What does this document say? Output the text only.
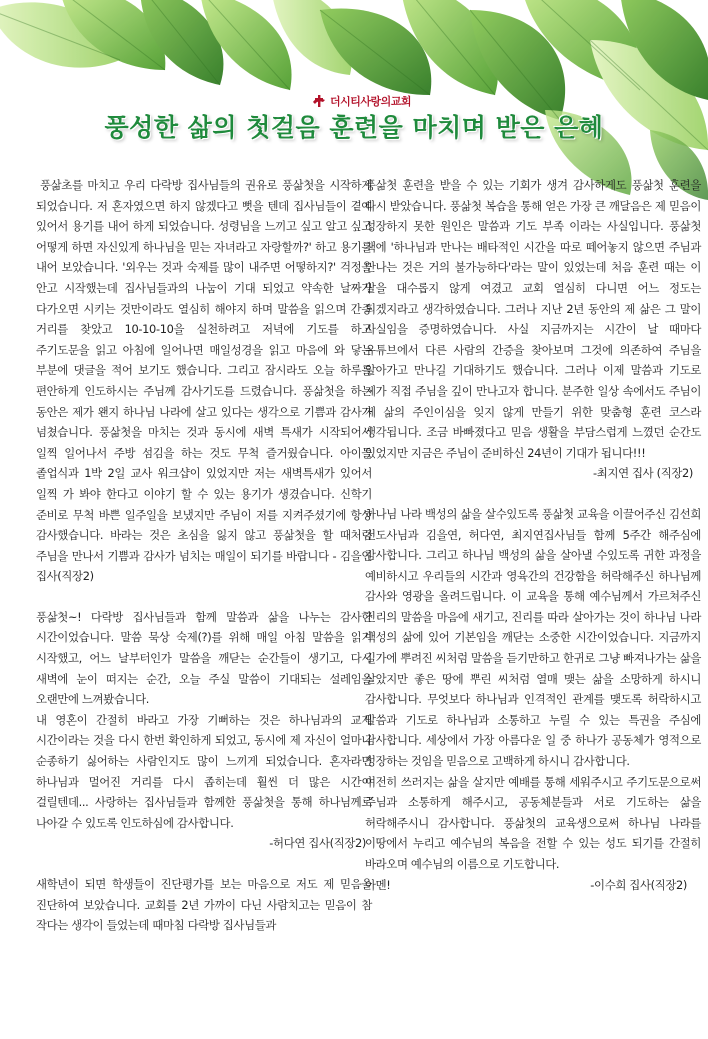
더시티사랑의교회
풍성한 삶의 첫걸음 훈련을 마치며 받은 은혜

풍삶초를 마치고 우리 다락방 집사님들의 권유로 풍삶첫을 시작하게 되었습니다. 저 혼자였으면 하지 않겠다고 뻣을 텐데 집사님들이 곁에 있어서 용기를 내어 하게 되었습니다. 성령님을 느끼고 싶고 알고 싶고 어떻게 하면 자신있게 하나님을 믿는 자녀라고 자랑할까?' 하고 용기를 내어 보았습니다. '외우는 것과 숙제를 많이 내주면 어떻하지?' 걱정을 안고 시작했는데 집사님들과의 나눔이 기대 되었고 약속한 날짜가 다가오면 시키는 것만이라도 열심히 해야지 하며 말씀을 읽으며 간증 거리를 찾았고 10-10-10을 실천하려고 저녁에 기도를 하고 주기도문을 읽고 아침에 일어나면 매일성경을 읽고 마음에 와 닿는 부분에 댓글을 적어 보기도 했습니다. 그리고 잠시라도 오늘 하루를 편안하게 인도하시는 주님께 감사기도를 드렸습니다. 풍삶첫을 하는 동안은 제가 왠지 하나님 나라에 살고 있다는 생각으로 기쁨과 감사가 넘쳤습니다. 풍삶첫을 마치는 것과 동시에 새벽 특새가 시작되어서 일찍 일어나서 주방 섬김을 하는 것도 무척 즐거웠습니다. 아이들 졸업식과 1박 2일 교사 워크샵이 있었지만 저는 새벽특새가 있어서 일찍 가 봐야 한다고 이야기 할 수 있는 용기가 생겼습니다. 신학기 준비로 무척 바쁜 일주일을 보냈지만 주님이 저를 지켜주셨기에 항상 감사했습니다. 바라는 것은 초심을 잃지 않고 풍삶첫을 할 때처럼 주님을 만나서 기쁨과 감사가 넘치는 매일이 되기를 바랍니다 - 김을연 집사(직장2)

풍삶첫~! 다락방 집사님들과 함께 말씀과 삶을 나누는 감사한 시간이었습니다. 말씀 묵상 숙제(?)를 위해 매일 아침 말씀을 읽기 시작했고, 어느 날부터인가 말씀을 깨닫는 순간들이 생기고, 다시 새벽에 눈이 떠지는 순간, 오늘 주실 말씀이 기대되는 설레임을 오랜만에 느껴봤습니다.

내 영혼이 간절히 바라고 가장 기뻐하는 것은 하나님과의 교제 시간이라는 것을 다시 한번 확인하게 되었고, 동시에 제 자신이 얼마나 순종하기 싫어하는 사람인지도 많이 느끼게 되었습니다. 혼자라면 하나님과 멀어진 거리를 다시 좁히는데 훨씬 더 많은 시간이 걸릴텐데... 사랑하는 집사님들과 함께한 풍삶첫을 통해 하나님께로 나아갈 수 있도록 인도하심에 감사합니다.

-허다연 집사(직장2)

새학년이 되면 학생들이 진단평가를 보는 마음으로 저도 제 믿음을 진단하여 보았습니다. 교회를 2년 가까이 다닌 사람치고는 믿음이 참 작다는 생각이 들었는데 때마침 다락방 집사님들과

풍삶첫 훈련을 받을 수 있는 기회가 생겨 감사하게도 풍삶첫 훈련을 다시 받았습니다. 풍삶첫 복습을 통해 얻은 가장 큰 깨달음은 제 믿음이 성장하지 못한 원인은 말씀과 기도 부족 이라는 사실입니다. 풍삶첫 책에 '하나님과 만나는 배타적인 시간을 따로 떼어놓지 않으면 주님과 만나는 것은 거의 불가능하다'라는 말이 있었는데 처음 훈련 때는 이 말을 대수롭지 않게 여겼고 교회 열심히 다니면 어느 정도는 되겠지라고 생각하였습니다. 그러나 지난 2년 동안의 제 삶은 그 말이 사실임을 증명하였습니다. 사실 지금까지는 시간이 날 때마다 유튜브에서 다른 사람의 간증을 찾아보며 그것에 의존하여 주님을 알아가고 만나길 기대하기도 했습니다. 그러나 이제 말씀과 기도로 제가 직접 주님을 깊이 만나고자 합니다. 분주한 일상 속에서도 주님이 제 삶의 주인이심을 잊지 않게 만들기 위한 맞춤형 훈련 코스라 생각됩니다. 조금 바빠졌다고 믿음 생활을 부담스럽게 느꼈던 순간도 있었지만 지금은 주님이 준비하신 24년이 기대가 됩니다!!!

-최지연 집사 (직장2)

하나님 나라 백성의 삶을 살수있도록 풍삶첫 교육을 이끌어주신 김선희 전도사님과 김을연, 허다연, 최지연집사님들 함께 5주간 해주심에 감사합니다. 그리고 하나님 백성의 삶을 살아낼 수있도록 귀한 과정을 예비하시고 우리들의 시간과 영육간의 건강함을 허락해주신 하나님께 감사와 영광을 올려드립니다. 이 교육을 통해 예수님께서 가르쳐주신 진리의 말씀을 마음에 새기고, 진리를 따라 살아가는 것이 하나님 나라 백성의 삶에 있어 기본임을 깨닫는 소중한 시간이었습니다. 지금까지 길가에 뿌려진 씨처럼 말씀을 듣기만하고 한귀로 그냥 빠져나가는 삶을 살았지만 좋은 땅에 뿌린 씨처럼 열매 맺는 삶을 소망하게 하시니 감사합니다. 무엇보다 하나님과 인격적인 관계를 맺도록 허락하시고 말씀과 기도로 하나님과 소통하고 누릴 수 있는 특권을 주심에 감사합니다. 세상에서 가장 아름다운 일 중 하나가 공동체가 영적으로 성장하는 것임을 믿음으로 고백하게 하시니 감사합니다.

여전히 쓰러지는 삶을 살지만 예배를 통해 세워주시고 주기도문으로써 주님과 소통하게 해주시고, 공동체분들과 서로 기도하는 삶을 허락해주시니 감사합니다. 풍삶첫의 교육생으로써 하나님 나라를 이땅에서 누리고 예수님의 복음을 전할 수 있는 성도 되기를 간절히 바라오며 예수님의 이름으로 기도합니다.

아멘!	-이수희 집사(직장2)
